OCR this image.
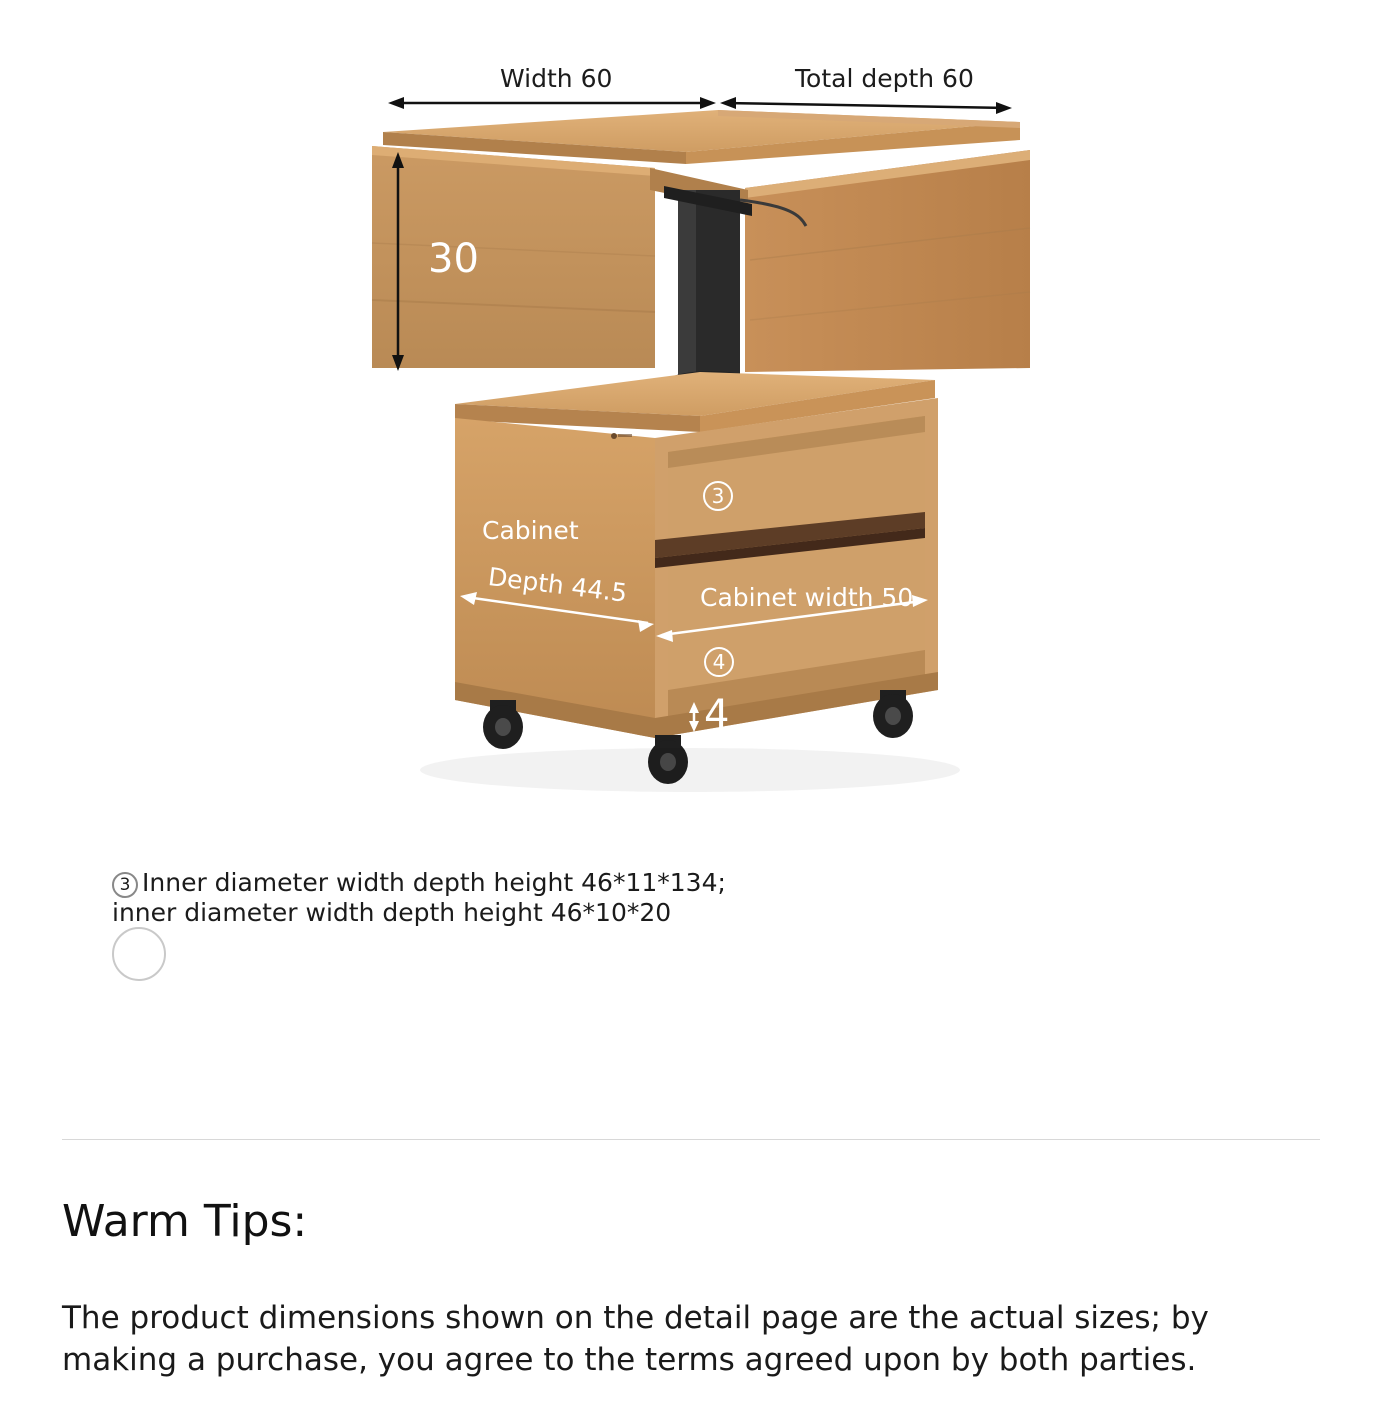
Width 60	Total depth 60
30
Cabinet
Depth 44.5	Cabinet width 50
4
3
4
3 Inner diameter width depth height 46*11*134; inner diameter width depth height 46*10*20
Warm Tips:
The product dimensions shown on the detail page are the actual sizes; by making a purchase, you agree to the terms agreed upon by both parties.
